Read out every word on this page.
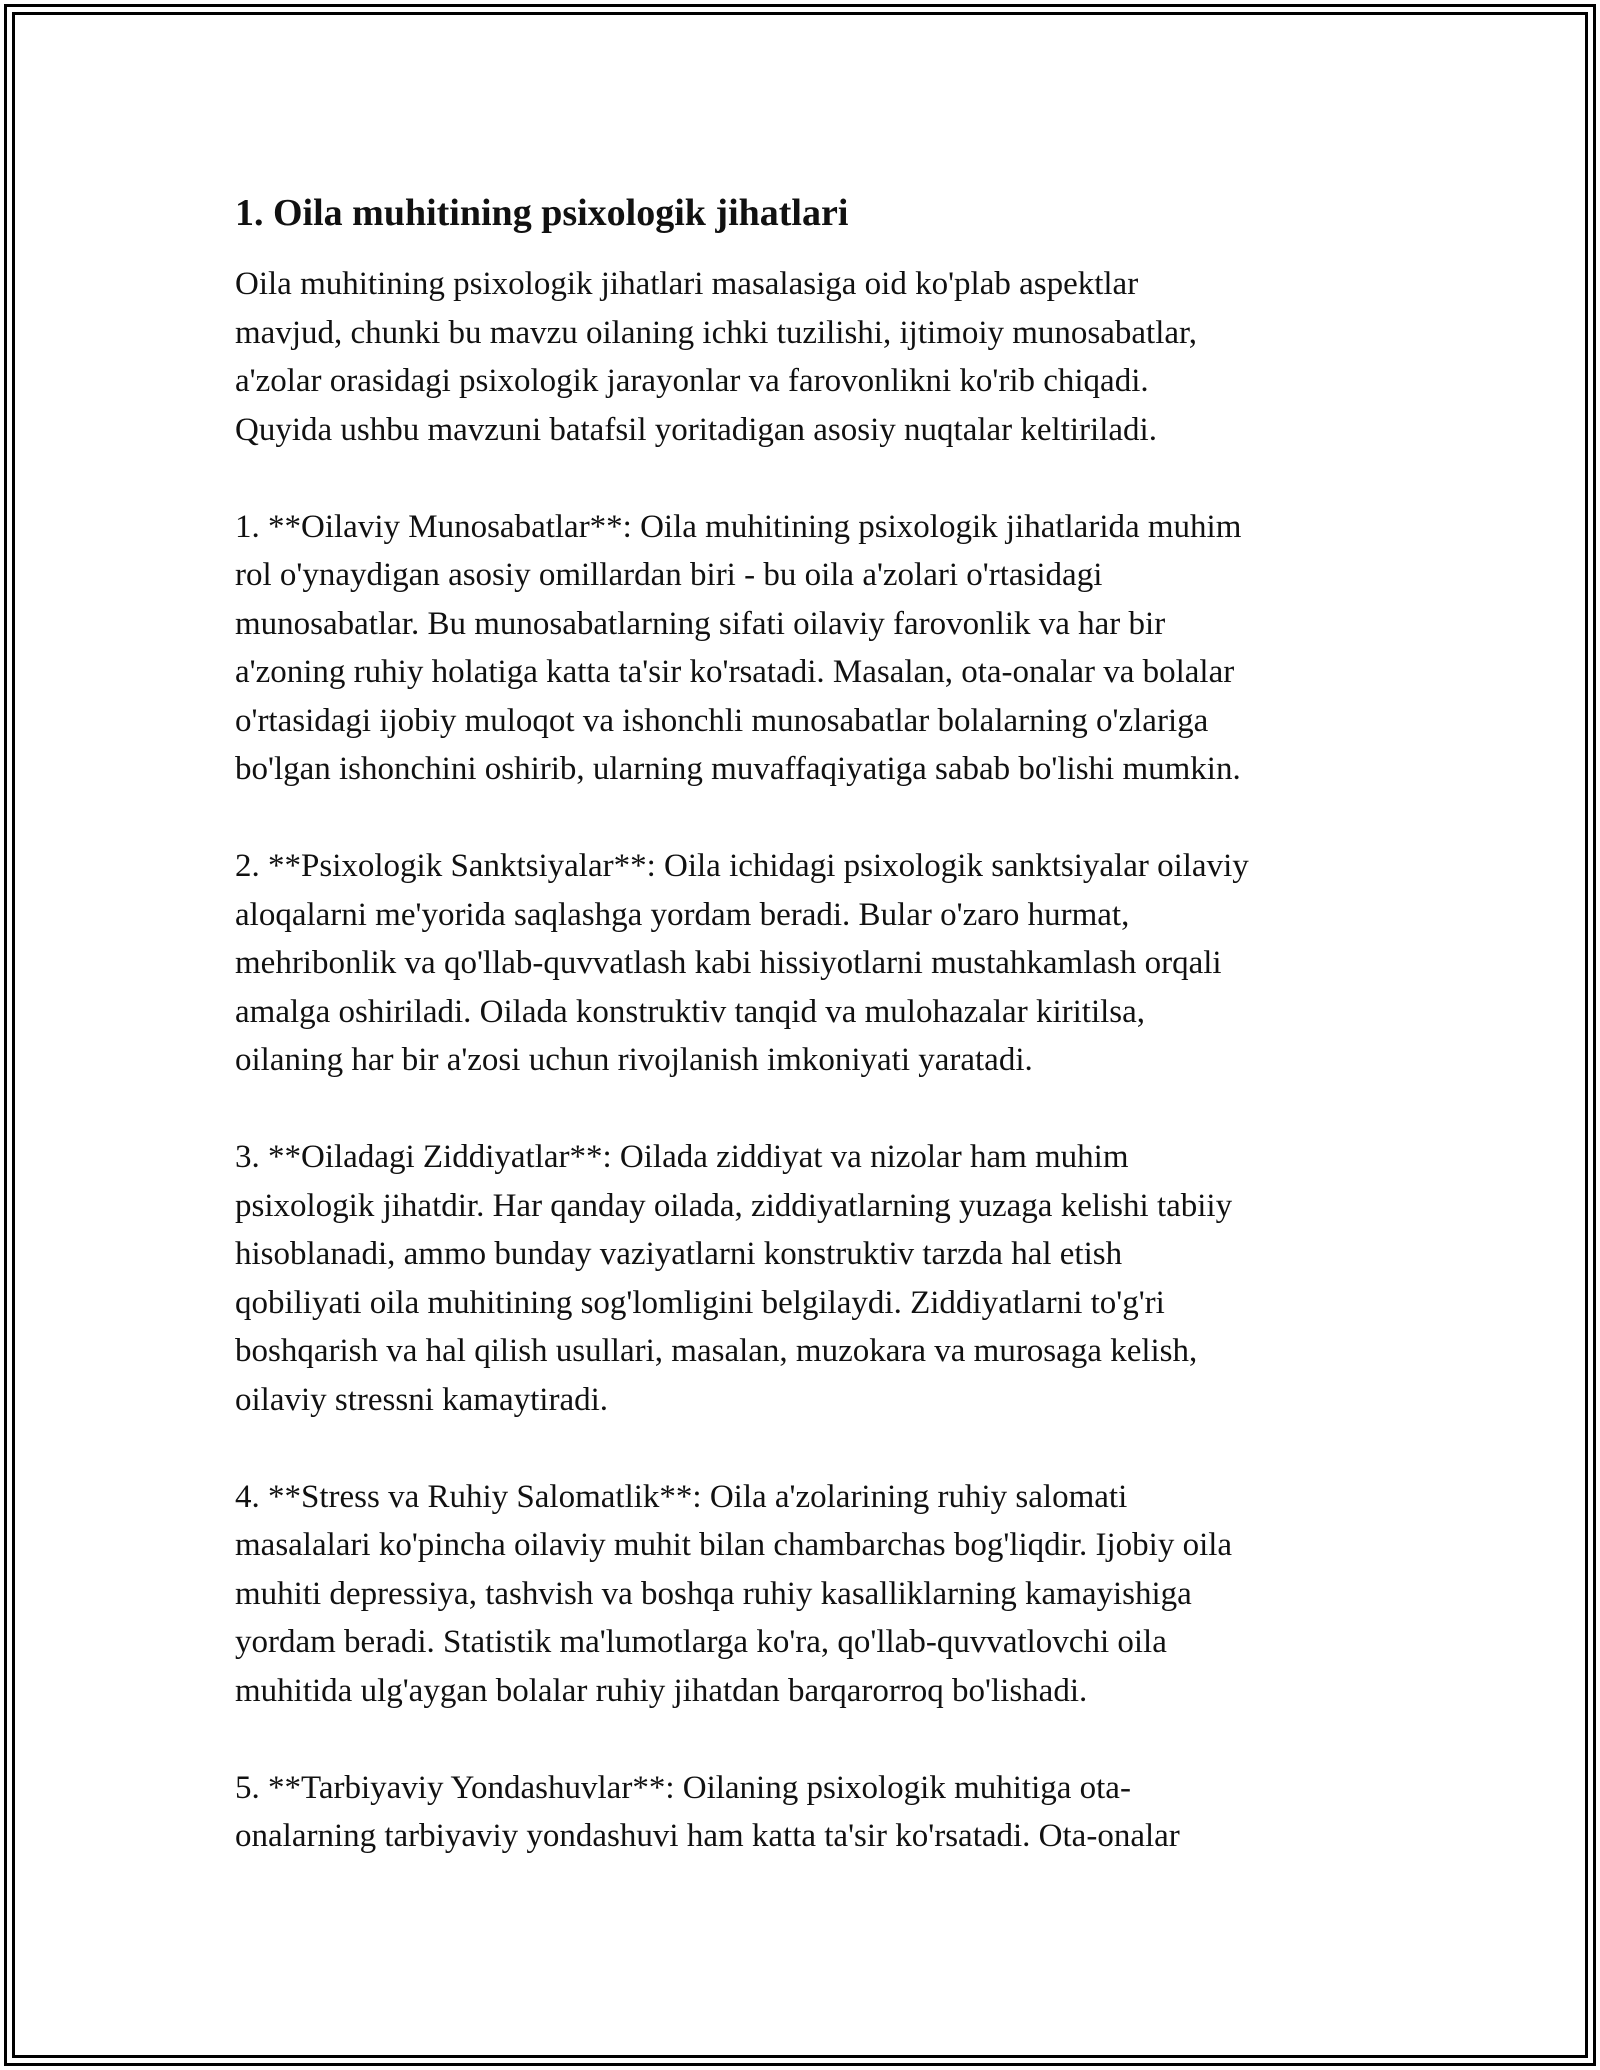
1. Oila muhitining psixologik jihatlari
Oila muhitining psixologik jihatlari masalasiga oid ko'plab aspektlar
mavjud, chunki bu mavzu oilaning ichki tuzilishi, ijtimoiy munosabatlar,
a'zolar orasidagi psixologik jarayonlar va farovonlikni ko'rib chiqadi.
Quyida ushbu mavzuni batafsil yoritadigan asosiy nuqtalar keltiriladi.
1. **Oilaviy Munosabatlar**: Oila muhitining psixologik jihatlarida muhim
rol o'ynaydigan asosiy omillardan biri - bu oila a'zolari o'rtasidagi
munosabatlar. Bu munosabatlarning sifati oilaviy farovonlik va har bir
a'zoning ruhiy holatiga katta ta'sir ko'rsatadi. Masalan, ota-onalar va bolalar
o'rtasidagi ijobiy muloqot va ishonchli munosabatlar bolalarning o'zlariga
bo'lgan ishonchini oshirib, ularning muvaffaqiyatiga sabab bo'lishi mumkin.
2. **Psixologik Sanktsiyalar**: Oila ichidagi psixologik sanktsiyalar oilaviy
aloqalarni me'yorida saqlashga yordam beradi. Bular o'zaro hurmat,
mehribonlik va qo'llab-quvvatlash kabi hissiyotlarni mustahkamlash orqali
amalga oshiriladi. Oilada konstruktiv tanqid va mulohazalar kiritilsa,
oilaning har bir a'zosi uchun rivojlanish imkoniyati yaratadi.
3. **Oiladagi Ziddiyatlar**: Oilada ziddiyat va nizolar ham muhim
psixologik jihatdir. Har qanday oilada, ziddiyatlarning yuzaga kelishi tabiiy
hisoblanadi, ammo bunday vaziyatlarni konstruktiv tarzda hal etish
qobiliyati oila muhitining sog'lomligini belgilaydi. Ziddiyatlarni to'g'ri
boshqarish va hal qilish usullari, masalan, muzokara va murosaga kelish,
oilaviy stressni kamaytiradi.
4. **Stress va Ruhiy Salomatlik**: Oila a'zolarining ruhiy salomati
masalalari ko'pincha oilaviy muhit bilan chambarchas bog'liqdir. Ijobiy oila
muhiti depressiya, tashvish va boshqa ruhiy kasalliklarning kamayishiga
yordam beradi. Statistik ma'lumotlarga ko'ra, qo'llab-quvvatlovchi oila
muhitida ulg'aygan bolalar ruhiy jihatdan barqarorroq bo'lishadi.
5. **Tarbiyaviy Yondashuvlar**: Oilaning psixologik muhitiga ota-
onalarning tarbiyaviy yondashuvi ham katta ta'sir ko'rsatadi. Ota-onalar
